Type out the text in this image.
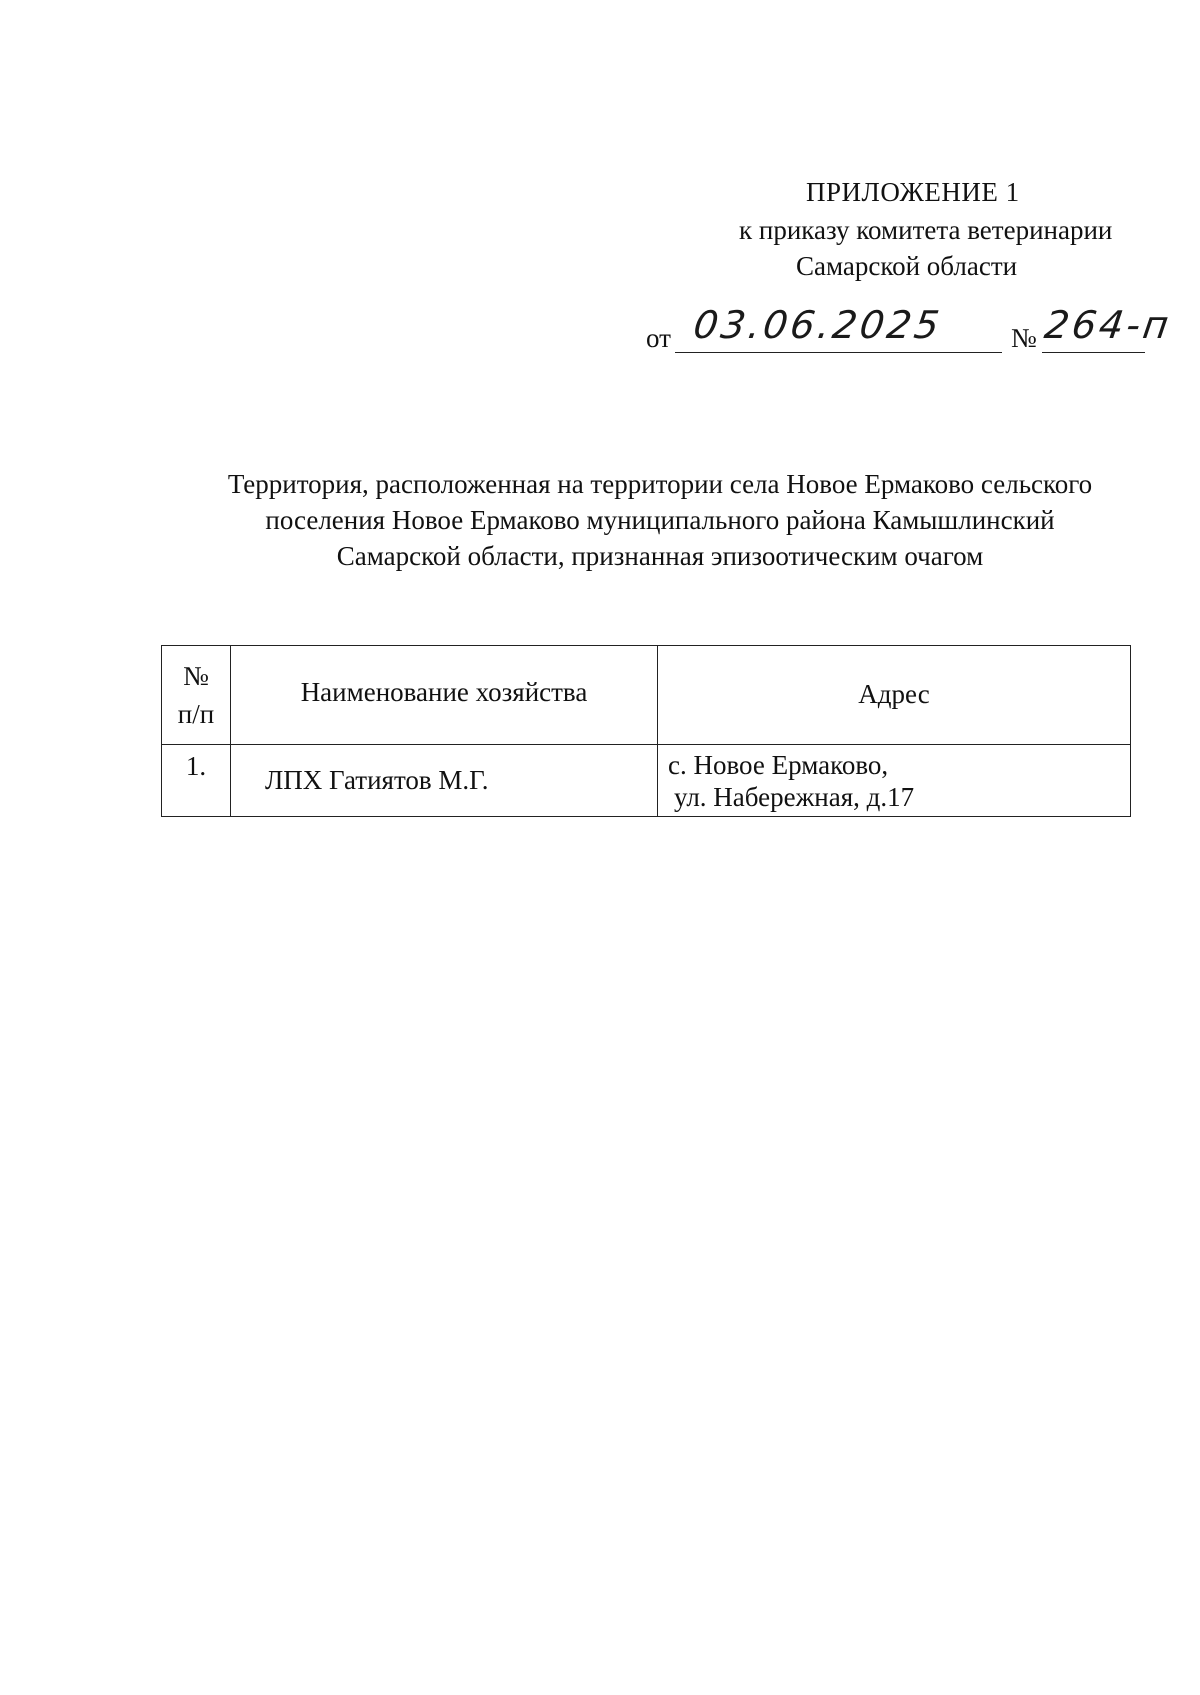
ПРИЛОЖЕНИЕ 1
к приказу комитета ветеринарии
Самарской области
от 03.06.2025 № 264-п
Территория, расположенная на территории села Новое Ермаково сельского
поселения Новое Ермаково муниципального района Камышлинский
Самарской области, признанная эпизоотическим очагом
№
п/п	Наименование хозяйства	Адрес
1.	ЛПХ Гатиятов М.Г.	с. Новое Ермаково,
ул. Набережная, д.17
